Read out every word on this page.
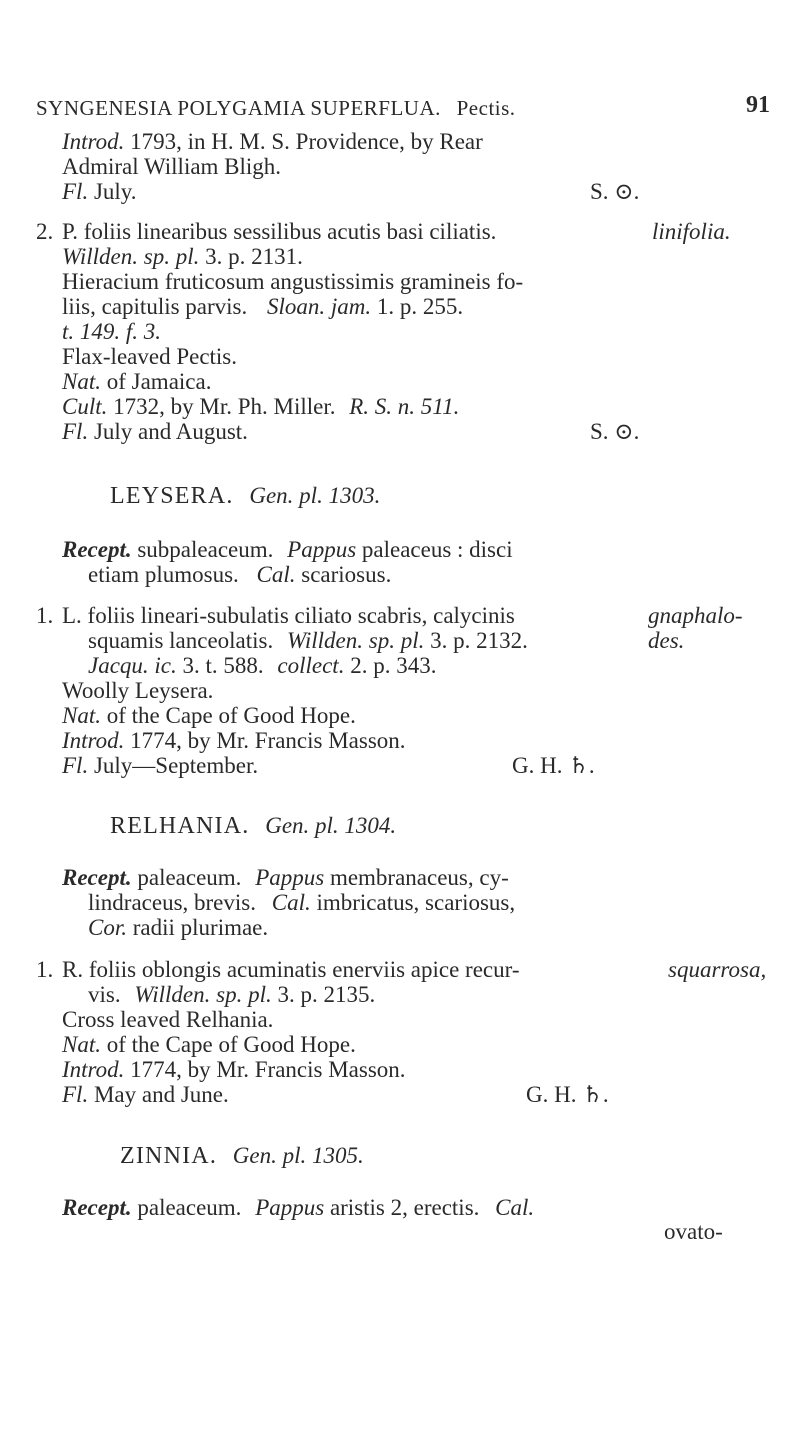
SYNGENESIA POLYGAMIA SUPERFLUA. Pectis.	91
Introd. 1793, in H. M. S. Providence, by Rear
Admiral William Bligh.
Fl. July.	S. ⊙.
2. P. foliis linearibus sessilibus acutis basi ciliatis.	linifolia.
Willden. sp. pl. 3. p. 2131.
Hieracium fruticosum angustissimis gramineis fo-
liis, capitulis parvis. Sloan. jam. 1. p. 255.
t. 149. f. 3.
Flax-leaved Pectis.
Nat. of Jamaica.
Cult. 1732, by Mr. Ph. Miller. R. S. n. 511.
Fl. July and August.	S. ⊙.
LEYSERA. Gen. pl. 1303.
Recept. subpaleaceum. Pappus paleaceus : disci
etiam plumosus. Cal. scariosus.
1. L. foliis lineari-subulatis ciliato scabris, calycinis	gnaphalo-
squamis lanceolatis. Willden. sp. pl. 3. p. 2132.	des.
Jacqu. ic. 3. t. 588. collect. 2. p. 343.
Woolly Leysera.
Nat. of the Cape of Good Hope.
Introd. 1774, by Mr. Francis Masson.
Fl. July—September.	G. H. ♄.
RELHANIA. Gen. pl. 1304.
Recept. paleaceum. Pappus membranaceus, cy-
lindraceus, brevis. Cal. imbricatus, scariosus,
Cor. radii plurimae.
1. R. foliis oblongis acuminatis enerviis apice recur-	squarrosa,
vis. Willden. sp. pl. 3. p. 2135.
Cross leaved Relhania.
Nat. of the Cape of Good Hope.
Introd. 1774, by Mr. Francis Masson.
Fl. May and June.	G. H. ♄.
ZINNIA. Gen. pl. 1305.
Recept. paleaceum. Pappus aristis 2, erectis. Cal.
ovato-
